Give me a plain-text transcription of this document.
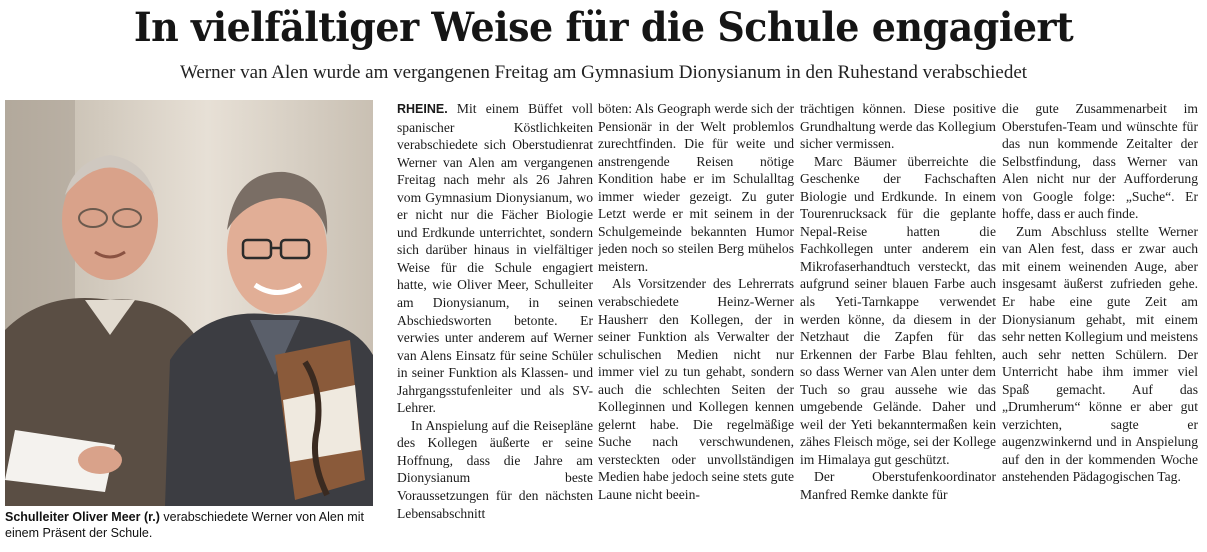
In vielfältiger Weise für die Schule engagiert
Werner van Alen wurde am vergangenen Freitag am Gymnasium Dionysianum in den Ruhestand verabschiedet
Schulleiter Oliver Meer (r.) verabschiedete Werner von Alen mit einem Präsent der Schule.

RHEINE. Mit einem Büffet voll spanischer Köstlichkeiten verabschiedete sich Oberstudienrat Werner van Alen am vergangenen Freitag nach mehr als 26 Jahren vom Gymnasium Dionysianum, wo er nicht nur die Fächer Biologie und Erdkunde unterrichtet, sondern sich darüber hinaus in vielfältiger Weise für die Schule engagiert hatte, wie Oliver Meer, Schulleiter am Dionysianum, in seinen Abschiedsworten betonte. Er verwies unter anderem auf Werner van Alens Einsatz für seine Schüler in seiner Funktion als Klassen- und Jahrgangsstufenleiter und als SV-Lehrer.

In Anspielung auf die Reisepläne des Kollegen äußerte er seine Hoffnung, dass die Jahre am Dionysianum beste Voraussetzungen für den nächsten Lebensabschnitt

böten: Als Geograph werde sich der Pensionär in der Welt problemlos zurechtfinden. Die für weite und anstrengende Reisen nötige Kondition habe er im Schulalltag immer wieder gezeigt. Zu guter Letzt werde er mit seinem in der Schulgemeinde bekannten Humor jeden noch so steilen Berg mühelos meistern.

Als Vorsitzender des Lehrerrats verabschiedete Heinz-Werner Hausherr den Kollegen, der in seiner Funktion als Verwalter der schulischen Medien nicht nur immer viel zu tun gehabt, sondern auch die schlechten Seiten der Kolleginnen und Kollegen kennen gelernt habe. Die regelmäßige Suche nach verschwundenen, versteckten oder unvollständigen Medien habe jedoch seine stets gute Laune nicht beein-

trächtigen können. Diese positive Grundhaltung werde das Kollegium sicher vermissen.

Marc Bäumer überreichte die Geschenke der Fachschaften Biologie und Erdkunde. In einem Tourenrucksack für die geplante Nepal-Reise hatten die Fachkollegen unter anderem ein Mikrofaserhandtuch versteckt, das aufgrund seiner blauen Farbe auch als Yeti-Tarnkappe verwendet werden könne, da diesem in der Netzhaut die Zapfen für das Erkennen der Farbe Blau fehlten, so dass Werner van Alen unter dem Tuch so grau aussehe wie das umgebende Gelände. Daher und weil der Yeti bekanntermaßen kein zähes Fleisch möge, sei der Kollege im Himalaya gut geschützt.

Der Oberstufenkoordinator Manfred Remke dankte für

die gute Zusammenarbeit im Oberstufen-Team und wünschte für das nun kommende Zeitalter der Selbstfindung, dass Werner van Alen nicht nur der Aufforderung von Google folge: „Suche“. Er hoffe, dass er auch finde.

Zum Abschluss stellte Werner van Alen fest, dass er zwar auch mit einem weinenden Auge, aber insgesamt äußerst zufrieden gehe. Er habe eine gute Zeit am Dionysianum gehabt, mit einem sehr netten Kollegium und meistens auch sehr netten Schülern. Der Unterricht habe ihm immer viel Spaß gemacht. Auf das „Drumherum“ könne er aber gut verzichten, sagte er augenzwinkernd und in Anspielung auf den in der kommenden Woche anstehenden Pädagogischen Tag.
